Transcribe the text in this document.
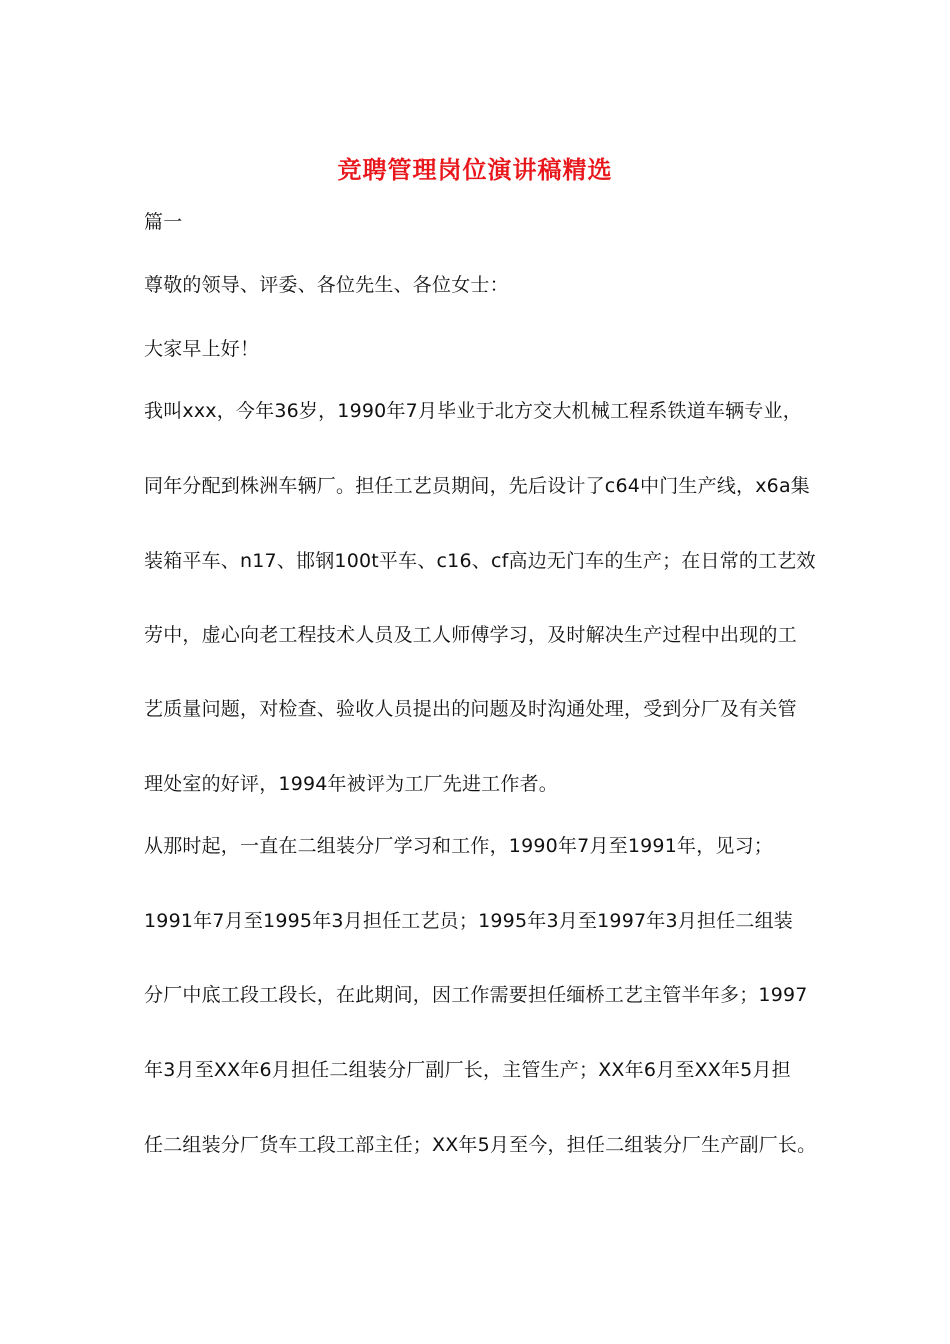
竞聘管理岗位演讲稿精选
篇一
尊敬的领导、评委、各位先生、各位女士：
大家早上好！
我叫xxx，今年36岁，1990年7月毕业于北方交大机械工程系铁道车辆专业，
同年分配到株洲车辆厂。担任工艺员期间，先后设计了c64中门生产线，x6a集
装箱平车、n17、邯钢100t平车、c16、cf高边无门车的生产；在日常的工艺效
劳中，虚心向老工程技术人员及工人师傅学习，及时解决生产过程中出现的工
艺质量问题，对检查、验收人员提出的问题及时沟通处理，受到分厂及有关管
理处室的好评，1994年被评为工厂先进工作者。
从那时起，一直在二组装分厂学习和工作，1990年7月至1991年，见习；
1991年7月至1995年3月担任工艺员；1995年3月至1997年3月担任二组装
分厂中底工段工段长，在此期间，因工作需要担任缅桥工艺主管半年多；1997
年3月至XX年6月担任二组装分厂副厂长，主管生产；XX年6月至XX年5月担
任二组装分厂货车工段工部主任；XX年5月至今，担任二组装分厂生产副厂长。
